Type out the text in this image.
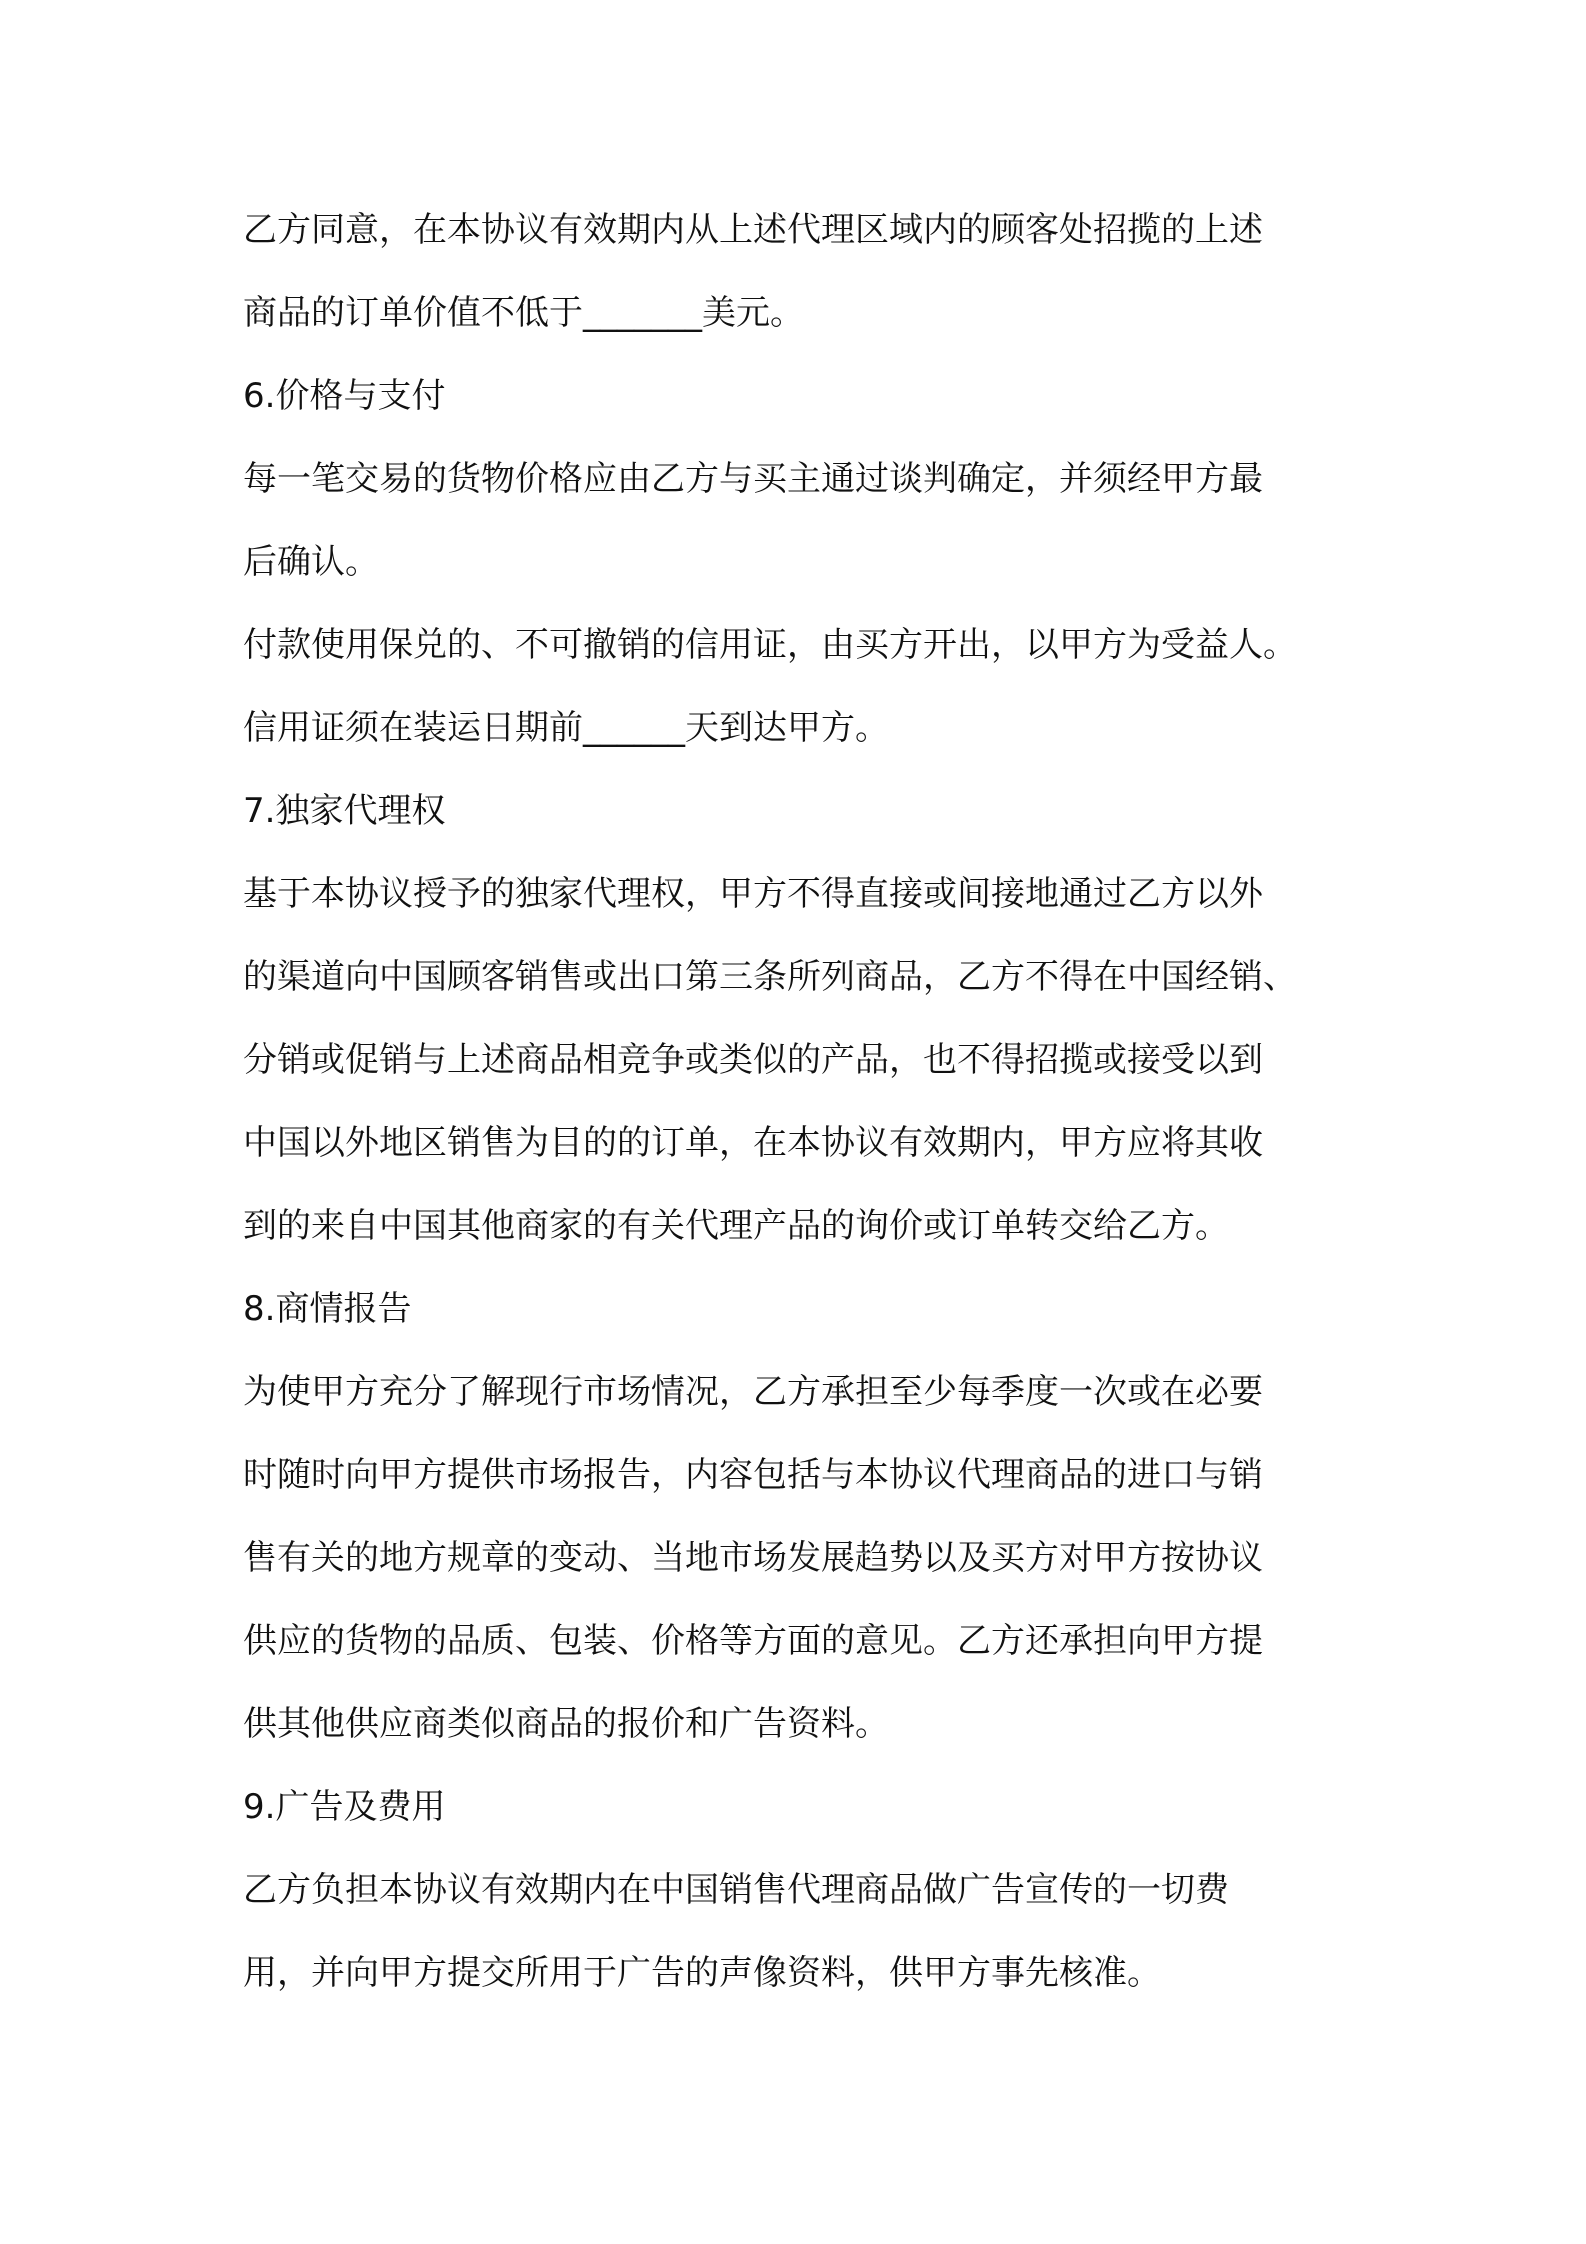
乙方同意，在本协议有效期内从上述代理区域内的顾客处招揽的上述
商品的订单价值不低于_______美元。
6.价格与支付
每一笔交易的货物价格应由乙方与买主通过谈判确定，并须经甲方最
后确认。
付款使用保兑的、不可撤销的信用证，由买方开出，以甲方为受益人。
信用证须在装运日期前______天到达甲方。
7.独家代理权
基于本协议授予的独家代理权，甲方不得直接或间接地通过乙方以外
的渠道向中国顾客销售或出口第三条所列商品，乙方不得在中国经销、
分销或促销与上述商品相竞争或类似的产品，也不得招揽或接受以到
中国以外地区销售为目的的订单，在本协议有效期内，甲方应将其收
到的来自中国其他商家的有关代理产品的询价或订单转交给乙方。
8.商情报告
为使甲方充分了解现行市场情况，乙方承担至少每季度一次或在必要
时随时向甲方提供市场报告，内容包括与本协议代理商品的进口与销
售有关的地方规章的变动、当地市场发展趋势以及买方对甲方按协议
供应的货物的品质、包装、价格等方面的意见。乙方还承担向甲方提
供其他供应商类似商品的报价和广告资料。
9.广告及费用
乙方负担本协议有效期内在中国销售代理商品做广告宣传的一切费
用，并向甲方提交所用于广告的声像资料，供甲方事先核准。
